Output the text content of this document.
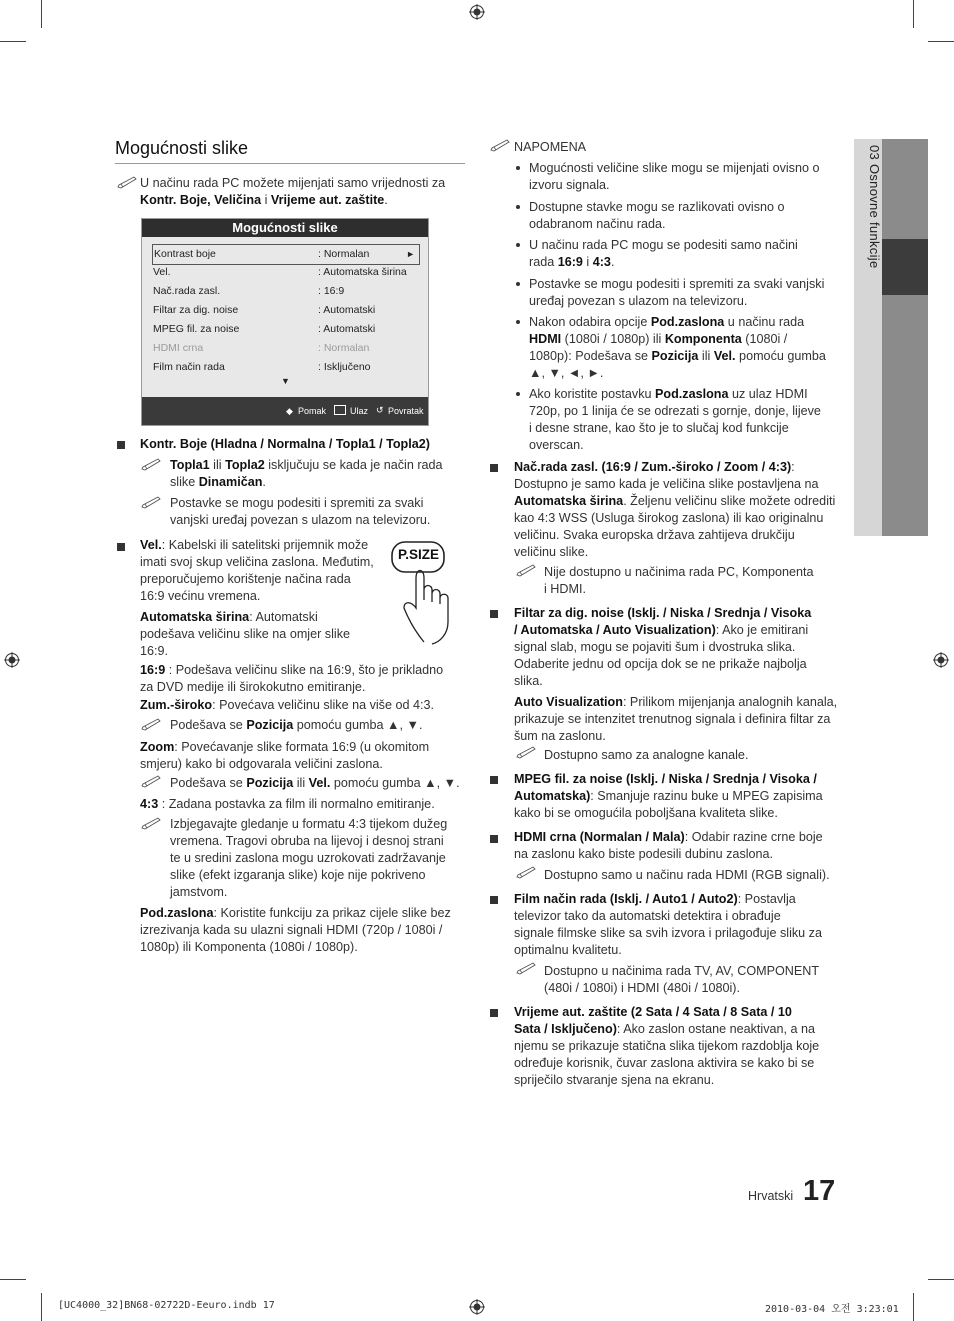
03 Osnovne funkcije
Mogućnosti slike
U načinu rada PC možete mijenjati samo vrijednosti za
Kontr. Boje, Veličina i Vrijeme aut. zaštite.
Mogućnosti slike
Kontrast boje	: Normalan	►
Vel.	: Automatska širina
Nač.rada zasl.	: 16:9
Filtar za dig. noise	: Automatski
MPEG fil. za noise	: Automatski
HDMI crna	: Normalan
Film način rada	: Isključeno
▼
◆ Pomak	Ulaz ↺ Povratak
Kontr. Boje (Hladna / Normalna / Topla1 / Topla2)
Topla1 ili Topla2 isključuju se kada je način rada
slike Dinamičan.
Postavke se mogu podesiti i spremiti za svaki
vanjski uređaj povezan s ulazom na televizoru.
Vel.: Kabelski ili satelitski prijemnik može
imati svoj skup veličina zaslona. Međutim,
preporučujemo korištenje načina rada
16:9 većinu vremena.
P.SIZE
Automatska širina: Automatski
podešava veličinu slike na omjer slike
16:9.
16:9 : Podešava veličinu slike na 16:9, što je prikladno
za DVD medije ili širokokutno emitiranje.
Zum.-široko: Povećava veličinu slike na više od 4:3.
Podešava se Pozicija pomoću gumba ▲, ▼.
Zoom: Povećavanje slike formata 16:9 (u okomitom
smjeru) kako bi odgovarala veličini zaslona.
Podešava se Pozicija ili Vel. pomoću gumba ▲, ▼.
4:3 : Zadana postavka za film ili normalno emitiranje.
Izbjegavajte gledanje u formatu 4:3 tijekom dužeg
vremena. Tragovi obruba na lijevoj i desnoj strani
te u sredini zaslona mogu uzrokovati zadržavanje
slike (efekt izgaranja slike) koje nije pokriveno
jamstvom.
Pod.zaslona: Koristite funkciju za prikaz cijele slike bez
izrezivanja kada su ulazni signali HDMI (720p / 1080i /
1080p) ili Komponenta (1080i / 1080p).
NAPOMENA
Mogućnosti veličine slike mogu se mijenjati ovisno o
izvoru signala.
Dostupne stavke mogu se razlikovati ovisno o
odabranom načinu rada.
U načinu rada PC mogu se podesiti samo načini
rada 16:9 i 4:3.
Postavke se mogu podesiti i spremiti za svaki vanjski
uređaj povezan s ulazom na televizoru.
Nakon odabira opcije Pod.zaslona u načinu rada
HDMI (1080i / 1080p) ili Komponenta (1080i /
1080p): Podešava se Pozicija ili Vel. pomoću gumba
▲, ▼, ◄, ►.
Ako koristite postavku Pod.zaslona uz ulaz HDMI
720p, po 1 linija će se odrezati s gornje, donje, lijeve
i desne strane, kao što je to slučaj kod funkcije
overscan.
Nač.rada zasl. (16:9 / Zum.-široko / Zoom / 4:3):
Dostupno je samo kada je veličina slike postavljena na
Automatska širina. Željenu veličinu slike možete odrediti
kao 4:3 WSS (Usluga širokog zaslona) ili kao originalnu
veličinu. Svaka europska država zahtijeva drukčiju
veličinu slike.
Nije dostupno u načinima rada PC, Komponenta
i HDMI.
Filtar za dig. noise (Isklj. / Niska / Srednja / Visoka
/ Automatska / Auto Visualization): Ako je emitirani
signal slab, mogu se pojaviti šum i dvostruka slika.
Odaberite jednu od opcija dok se ne prikaže najbolja
slika.
Auto Visualization: Prilikom mijenjanja analognih kanala,
prikazuje se intenzitet trenutnog signala i definira filtar za
šum na zaslonu.
Dostupno samo za analogne kanale.
MPEG fil. za noise (Isklj. / Niska / Srednja / Visoka /
Automatska): Smanjuje razinu buke u MPEG zapisima
kako bi se omogućila poboljšana kvaliteta slike.
HDMI crna (Normalan / Mala): Odabir razine crne boje
na zaslonu kako biste podesili dubinu zaslona.
Dostupno samo u načinu rada HDMI (RGB signali).
Film način rada (Isklj. / Auto1 / Auto2): Postavlja
televizor tako da automatski detektira i obrađuje
signale filmske slike sa svih izvora i prilagođuje sliku za
optimalnu kvalitetu.
Dostupno u načinima rada TV, AV, COMPONENT
(480i / 1080i) i HDMI (480i / 1080i).
Vrijeme aut. zaštite (2 Sata / 4 Sata / 8 Sata / 10
Sata / Isključeno): Ako zaslon ostane neaktivan, a na
njemu se prikazuje statična slika tijekom razdoblja koje
određuje korisnik, čuvar zaslona aktivira se kako bi se
spriječilo stvaranje sjena na ekranu.
Hrvatski 17
[UC4000_32]BN68-02722D-Eeuro.indb 17	2010-03-04 오전 3:23:01
